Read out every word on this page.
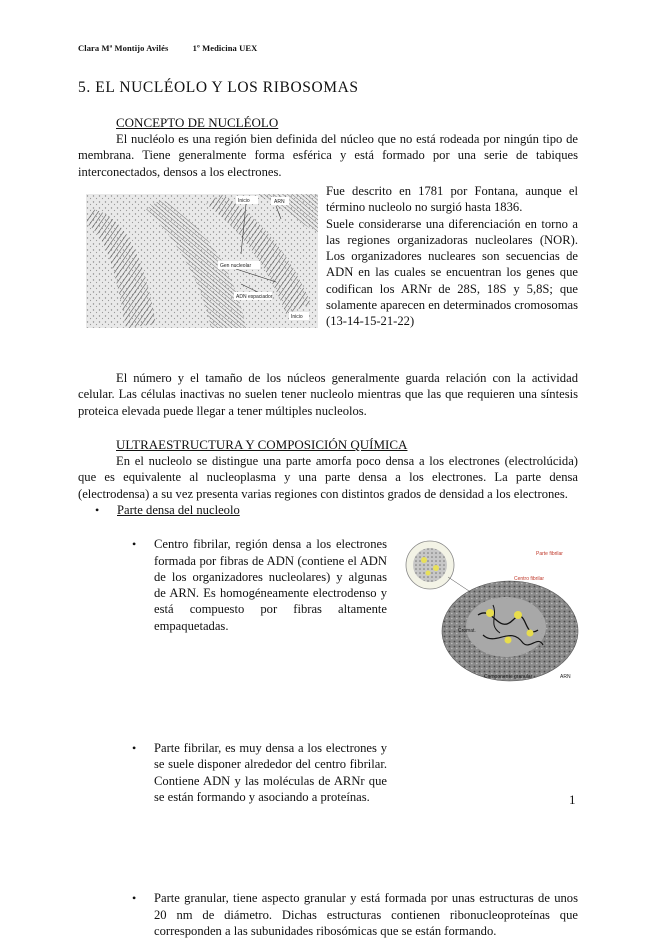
Clara Mª Montijo Avilés	1º Medicina UEX
5. EL NUCLÉOLO Y LOS RIBOSOMAS
CONCEPTO DE NUCLÉOLO

El nucléolo es una región bien definida del núcleo que no está rodeada por ningún tipo de membrana. Tiene generalmente forma esférica y está formado por una serie de tabiques interconectados, densos a los electrones.

Inicio	ARN
Gen nucleolar
ADN espaciador
Inicio

Fue descrito en 1781 por Fontana, aunque el término nucleolo no surgió hasta 1836.

Suele considerarse una diferenciación en torno a las regiones organizadoras nucleolares (NOR). Los organizadores nucleares son secuencias de ADN en las cuales se encuentran los genes que codifican los ARNr de 28S, 18S y 5,8S; que solamente aparecen en determinados cromosomas (13-14-15-21-22)

El número y el tamaño de los núcleos generalmente guarda relación con la actividad celular. Las células inactivas no suelen tener nucleolo mientras que las que requieren una síntesis proteica elevada puede llegar a tener múltiples nucleolos.

ULTRAESTRUCTURA Y COMPOSICIÓN QUÍMICA

En el nucleolo se distingue una parte amorfa poco densa a los electrones (electrolúcida) que es equivalente al nucleoplasma y una parte densa a los electrones. La parte densa (electrodensa) a su vez presenta varias regiones con distintos grados de densidad a los electrones.

• Parte densa del nucleolo

• Centro fibrilar, región densa a los electrones formada por fibras de ADN (contiene el ADN de los organizadores nucleolares) y algunas de ARN. Es homogéneamente electrodenso y está compuesto por fibras altamente empaquetadas.

• Parte fibrilar, es muy densa a los electrones y se suele disponer alrededor del centro fibrilar. Contiene ADN y las moléculas de ARNr que se están formando y asociando a proteínas.

• Parte granular, tiene aspecto granular y está formada por unas estructuras de unos 20 nm de diámetro. Dichas estructuras contienen ribonucleoproteínas que corresponden a las subunidades ribosómicas que se están formando.

Parte fibrilar
Centro fibrilar
Cromat.
Componente granular	ARN
1
